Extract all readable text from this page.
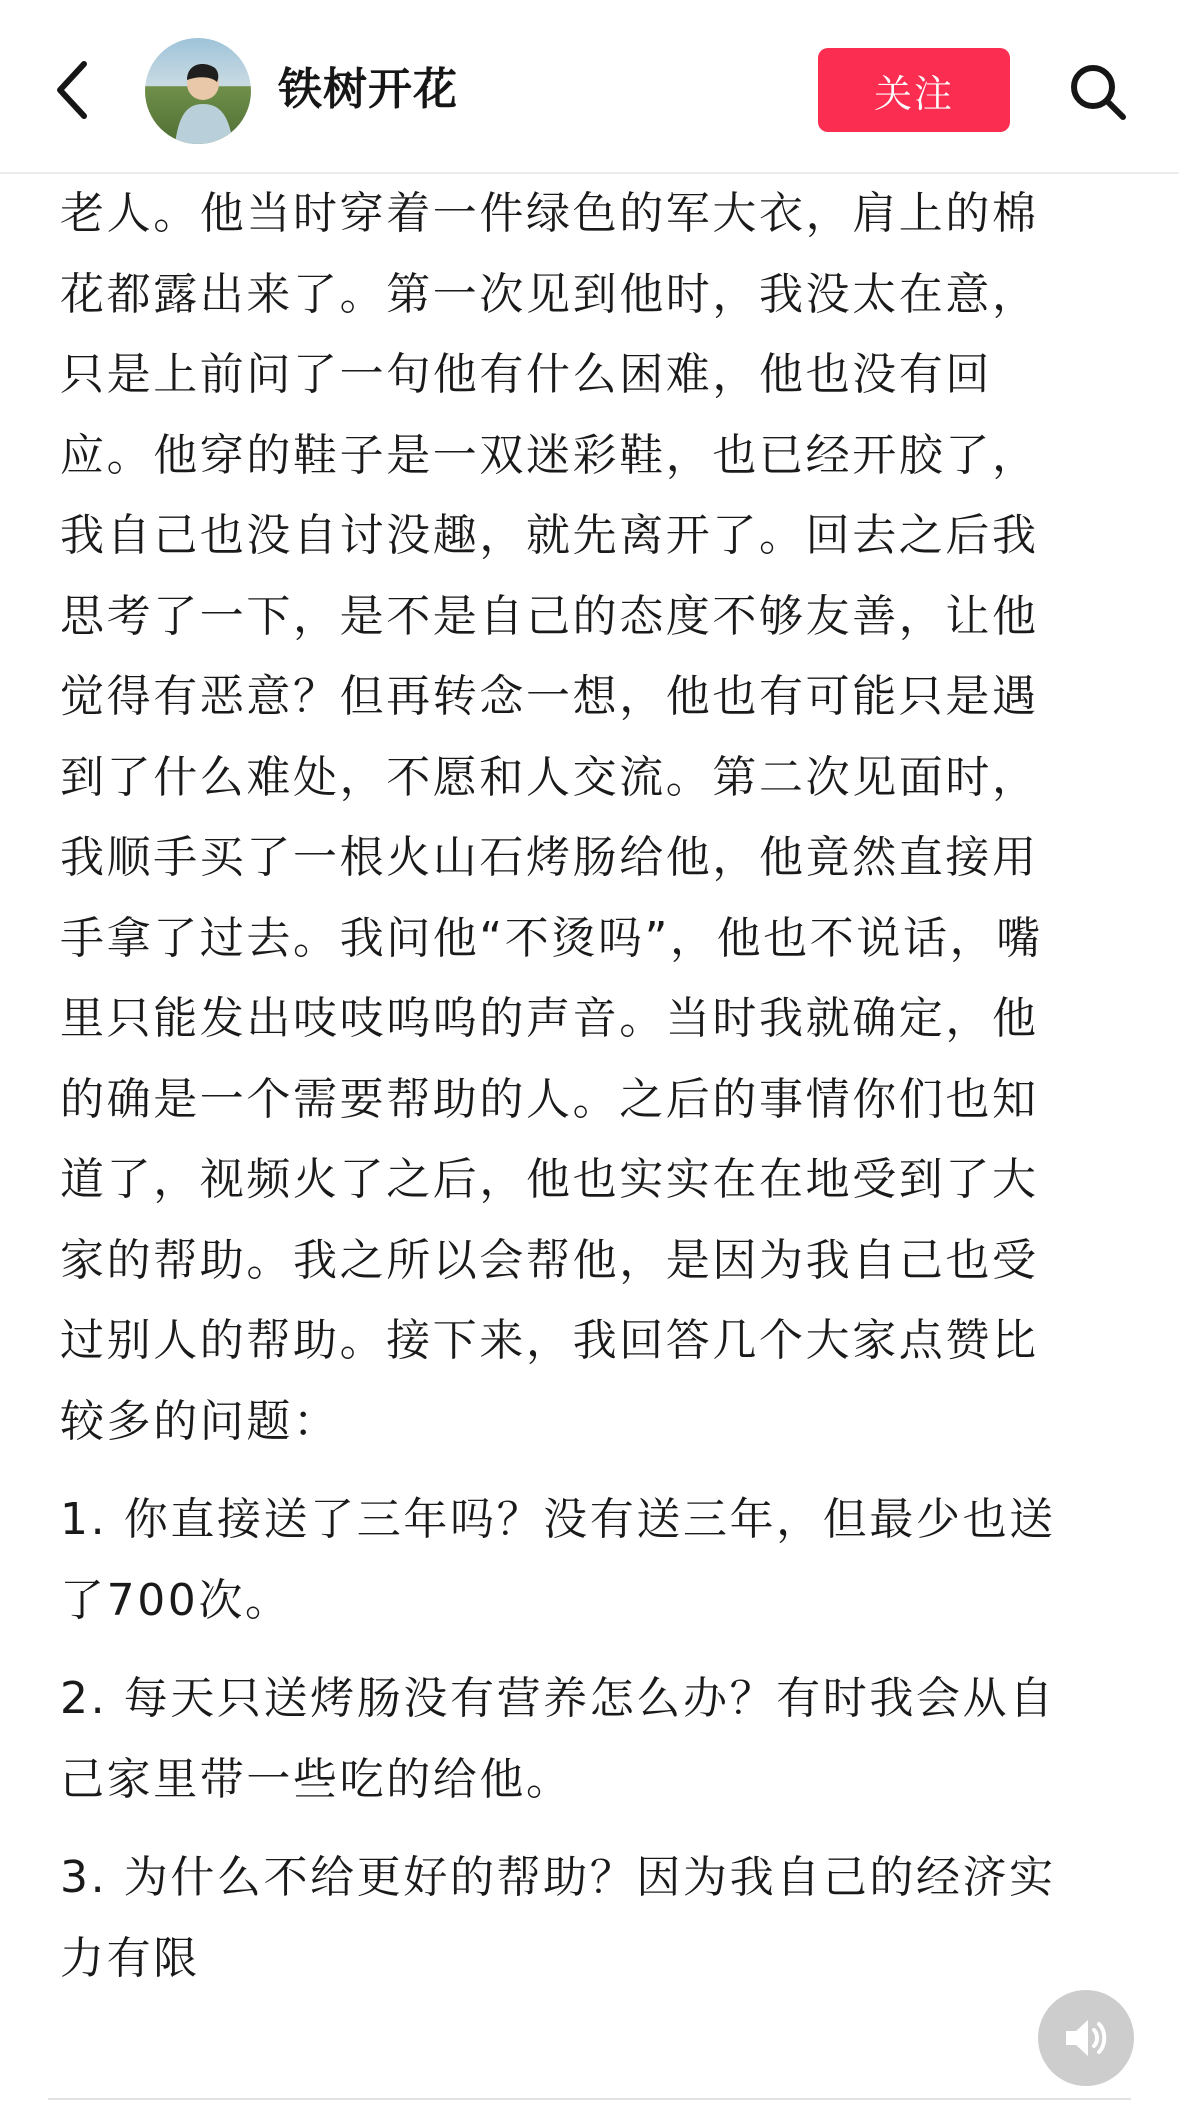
铁树开花	关注

老人。他当时穿着一件绿色的军大衣，肩上的棉

花都露出来了。第一次见到他时，我没太在意，

只是上前问了一句他有什么困难，他也没有回

应。他穿的鞋子是一双迷彩鞋，也已经开胶了，

我自己也没自讨没趣，就先离开了。回去之后我

思考了一下，是不是自己的态度不够友善，让他

觉得有恶意？但再转念一想，他也有可能只是遇

到了什么难处，不愿和人交流。第二次见面时，

我顺手买了一根火山石烤肠给他，他竟然直接用

手拿了过去。我问他“不烫吗”，他也不说话，嘴

里只能发出吱吱呜呜的声音。当时我就确定，他

的确是一个需要帮助的人。之后的事情你们也知

道了，视频火了之后，他也实实在在地受到了大

家的帮助。我之所以会帮他，是因为我自己也受

过别人的帮助。接下来，我回答几个大家点赞比

较多的问题：

1. 你直接送了三年吗？没有送三年，但最少也送

了700次。

2. 每天只送烤肠没有营养怎么办？有时我会从自

己家里带一些吃的给他。

3. 为什么不给更好的帮助？因为我自己的经济实

力有限
